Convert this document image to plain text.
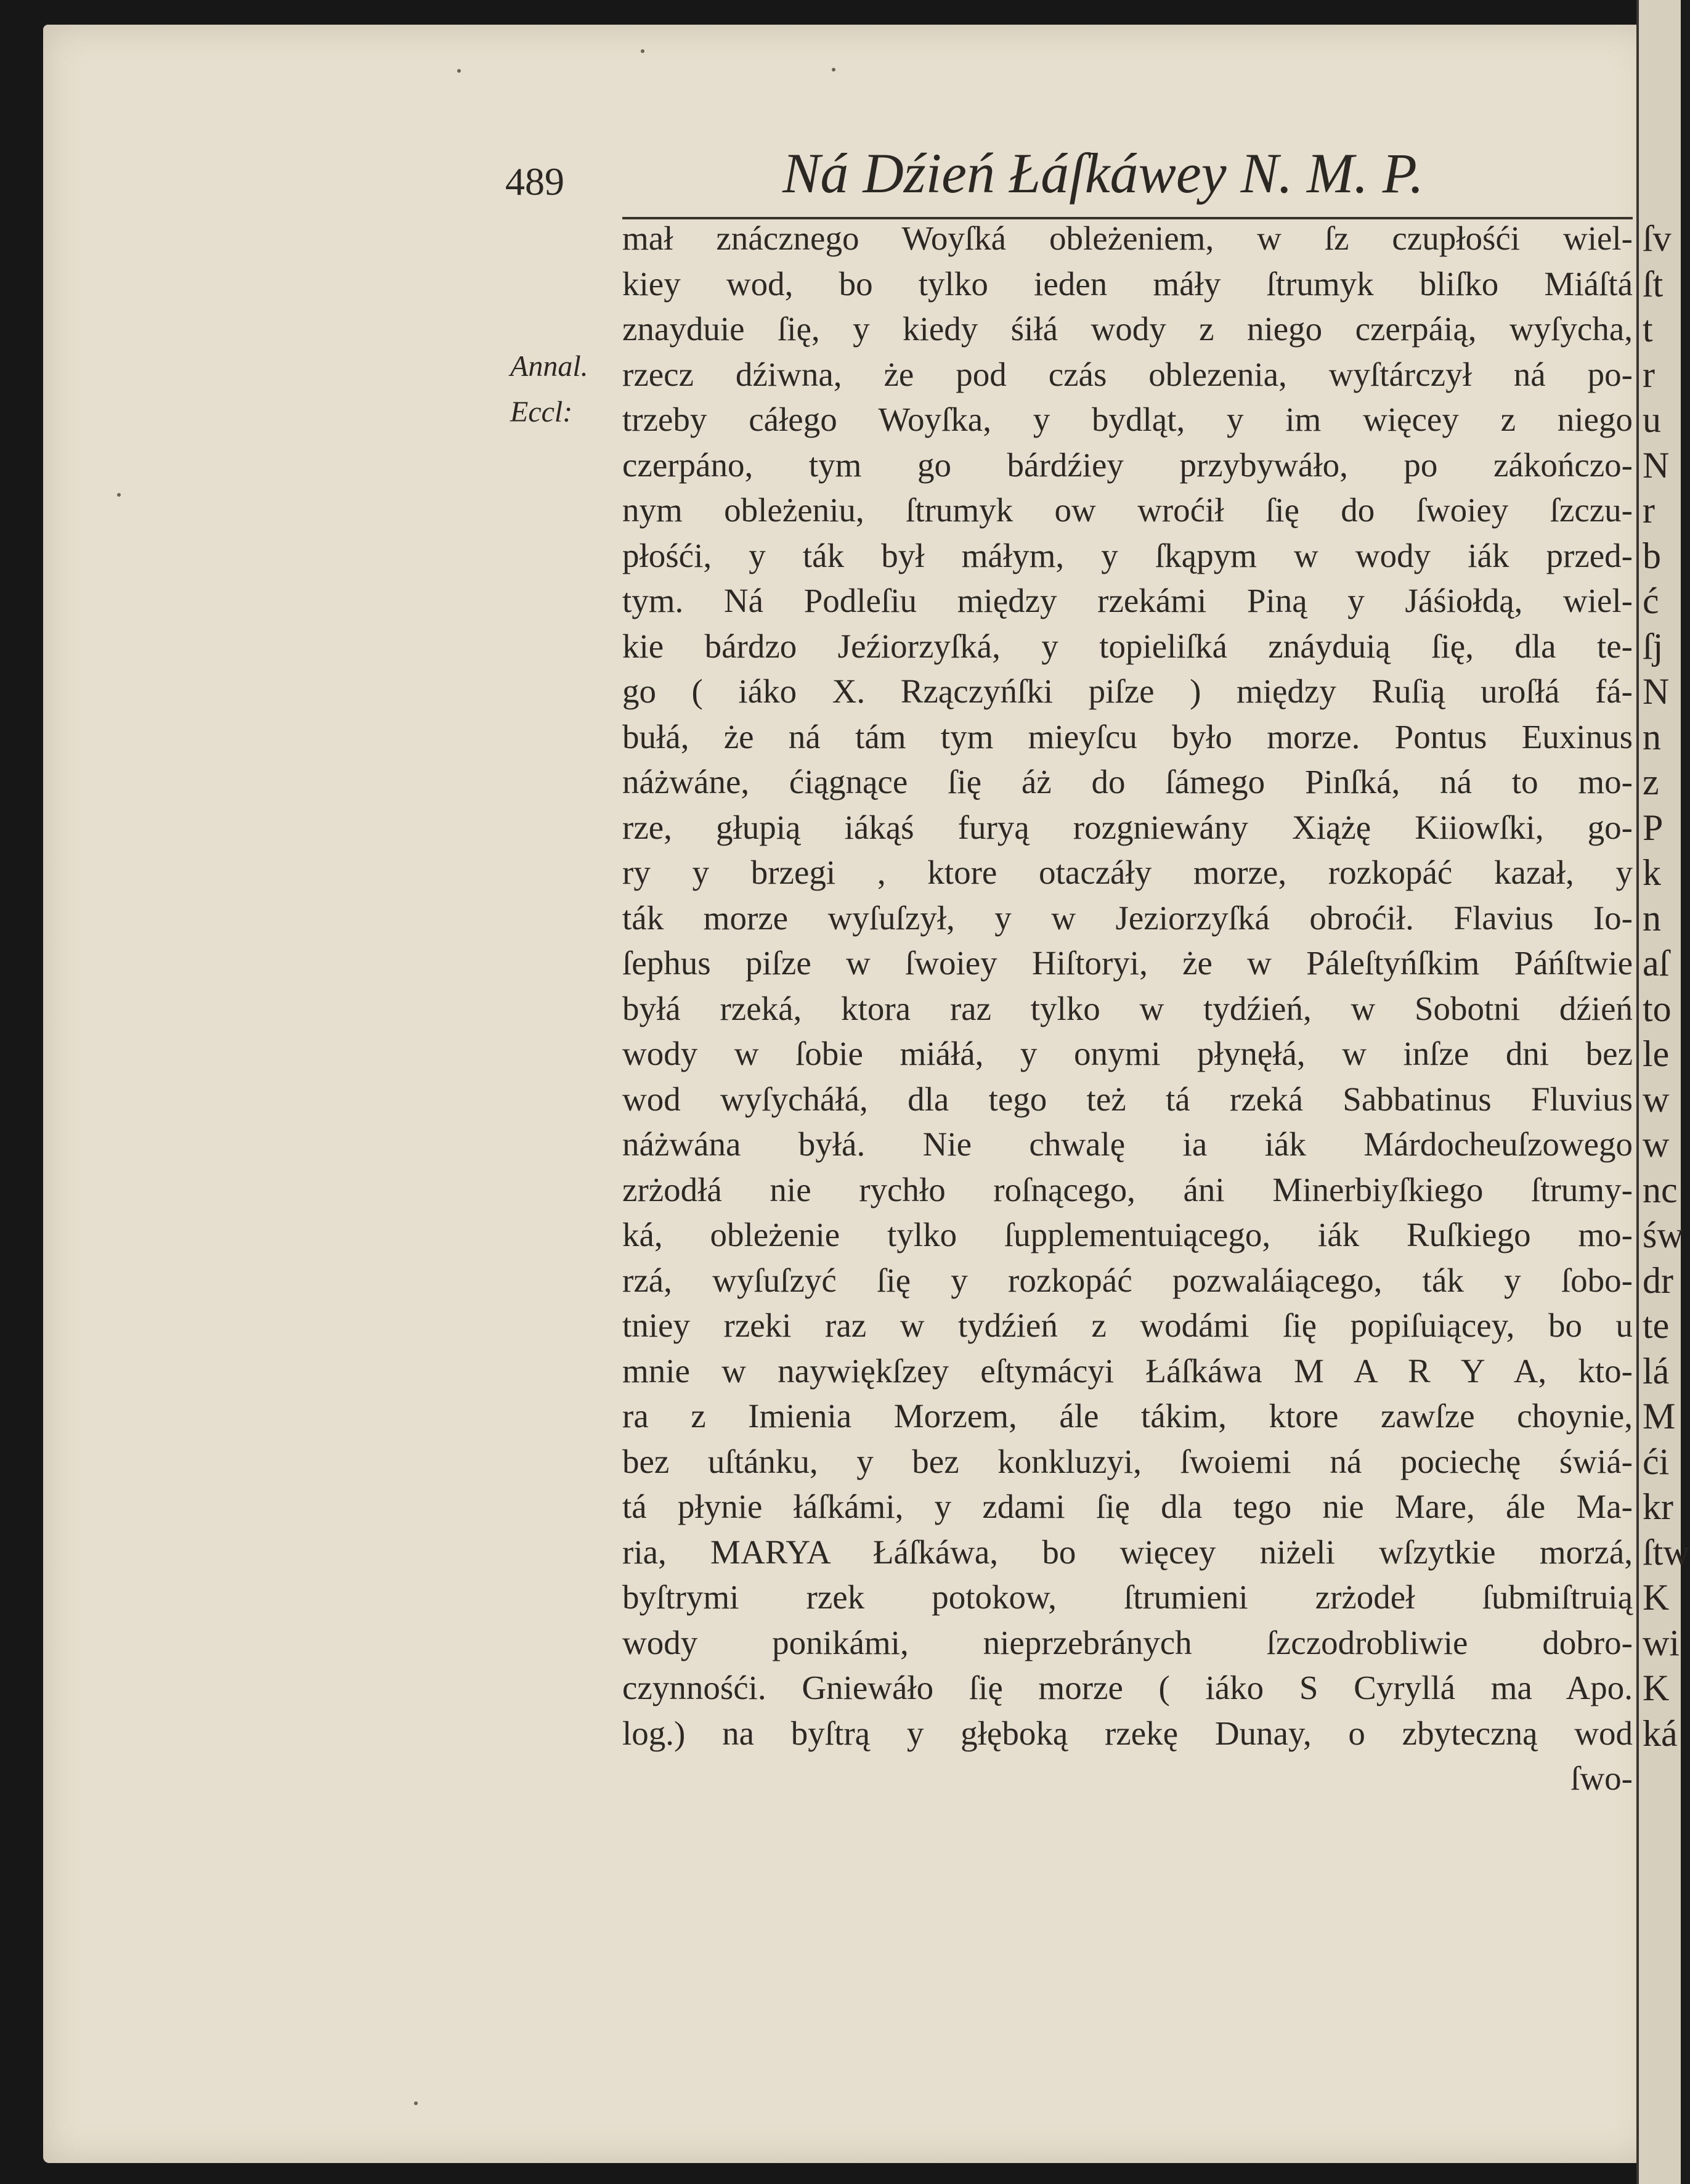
ſv
ſt
t
r
u
N
r
b
ć
ſj
N
n
z
P
k
n
aſ
to
le
w
w
nc
św
dr
te
lá
M
ći
kr
ſtw
K
wi
K
ká
489	Ná Dźień Łáſkáwey N. M. P.
Annal.
Eccl:
mał znácznego Woyſká obleżeniem, w ſz czupłośći wiel-
kiey wod, bo tylko ieden máły ſtrumyk bliſko Miáſtá
znayduie ſię, y kiedy śiłá wody z niego czerpáią, wyſycha,
rzecz dźiwna, że pod czás oblezenia, wyſtárczył ná po-
trzeby cáłego Woyſka, y bydląt, y im więcey z niego
czerpáno, tym go bárdźiey przybywáło, po zákończo-
nym obleżeniu, ſtrumyk ow wroćił ſię do ſwoiey ſzczu-
płośći, y ták był máłym, y ſkąpym w wody iák przed-
tym. Ná Podleſiu między rzekámi Piną y Jáśiołdą, wiel-
kie bárdzo Jeźiorzyſká, y topieliſká znáyduią ſię, dla te-
go ( iáko X. Rzączyńſki piſze ) między Ruſią uroſłá fá-
bułá, że ná tám tym mieyſcu było morze. Pontus Euxinus
náżwáne, ćiągnące ſię áż do ſámego Pinſká, ná to mo-
rze, głupią iákąś furyą rozgniewány Xiążę Kiiowſki, go-
ry y brzegi , ktore otaczáły morze, rozkopáć kazał, y
ták morze wyſuſzył, y w Jeziorzyſká obroćił. Flavius Io-
ſephus piſze w ſwoiey Hiſtoryi, że w Páleſtyńſkim Páńſtwie
byłá rzeká, ktora raz tylko w tydźień, w Sobotni dźień
wody w ſobie miáłá, y onymi płynęłá, w inſze dni bez
wod wyſycháłá, dla tego też tá rzeká Sabbatinus Fluvius
náżwána byłá. Nie chwalę ia iák Márdocheuſzowego
zrżodłá nie rychło roſnącego, áni Minerbiyſkiego ſtrumy-
ká, obleżenie tylko ſupplementuiącego, iák Ruſkiego mo-
rzá, wyſuſzyć ſię y rozkopáć pozwaláiącego, ták y ſobo-
tniey rzeki raz w tydźień z wodámi ſię popiſuiącey, bo u
mnie w naywiękſzey eſtymácyi Łáſkáwa M A R Y A, kto-
ra z Imienia Morzem, ále tákim, ktore zawſze choynie,
bez uſtánku, y bez konkluzyi, ſwoiemi ná pociechę świá-
tá płynie łáſkámi, y zdami ſię dla tego nie Mare, ále Ma-
ria, MARYA Łáſkáwa, bo więcey niżeli wſzytkie morzá,
byſtrymi rzek potokow, ſtrumieni zrżodeł ſubmiſtruią
wody ponikámi, nieprzebránych ſzczodrobliwie dobro-
czynnośći. Gniewáło ſię morze ( iáko S Cyryllá ma Apo.
log.) na byſtrą y głęboką rzekę Dunay, o zbyteczną wod
ſwo-
